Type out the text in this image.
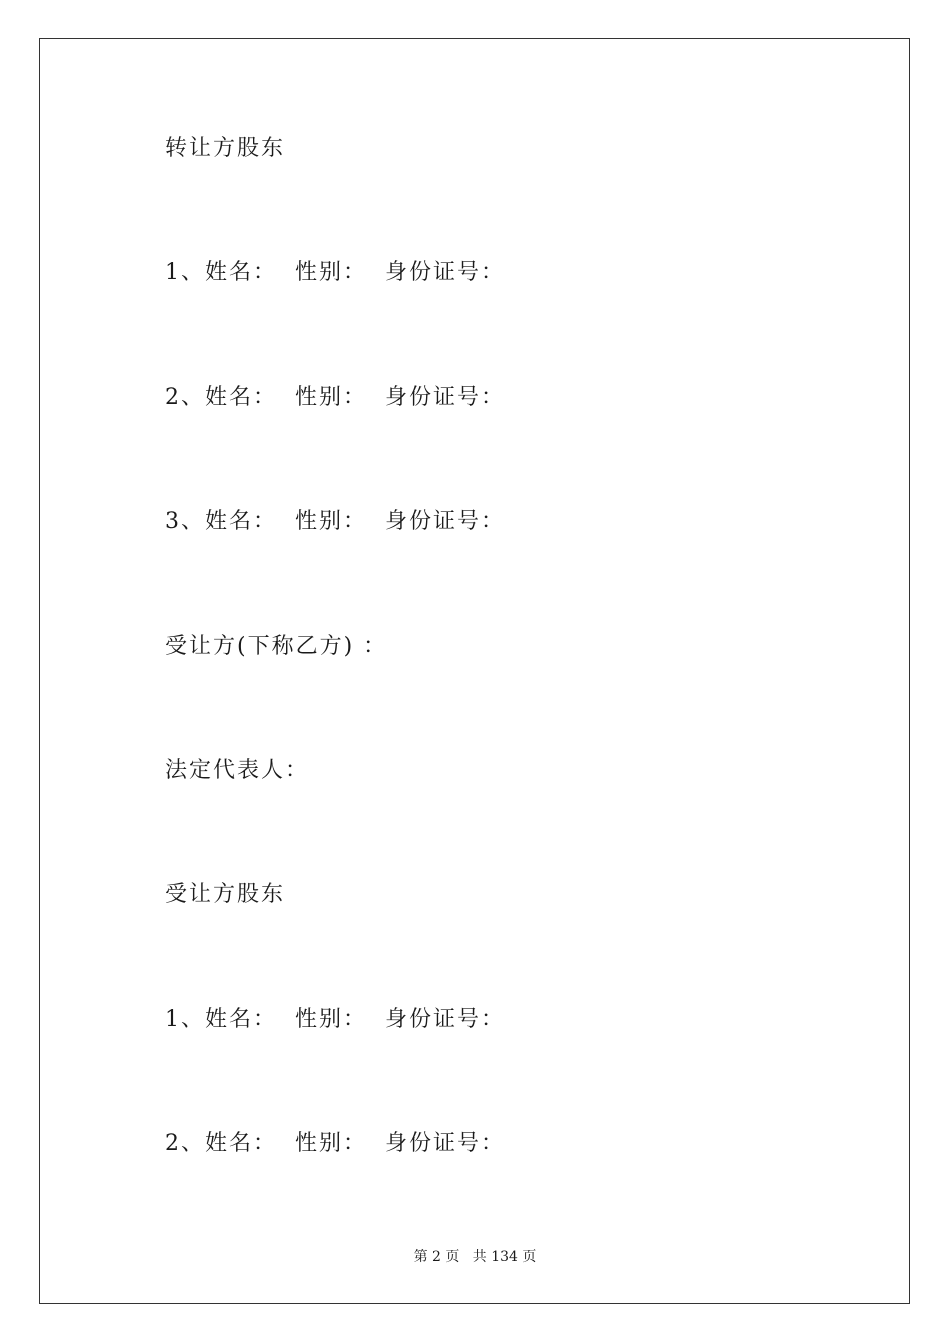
转让方股东
1、姓名：  性别：  身份证号：
2、姓名：  性别：  身份证号：
3、姓名：  性别：  身份证号：
受让方(下称乙方) ：
法定代表人：
受让方股东
1、姓名：  性别：  身份证号：
2、姓名：  性别：  身份证号：
第 2 页   共 134 页
